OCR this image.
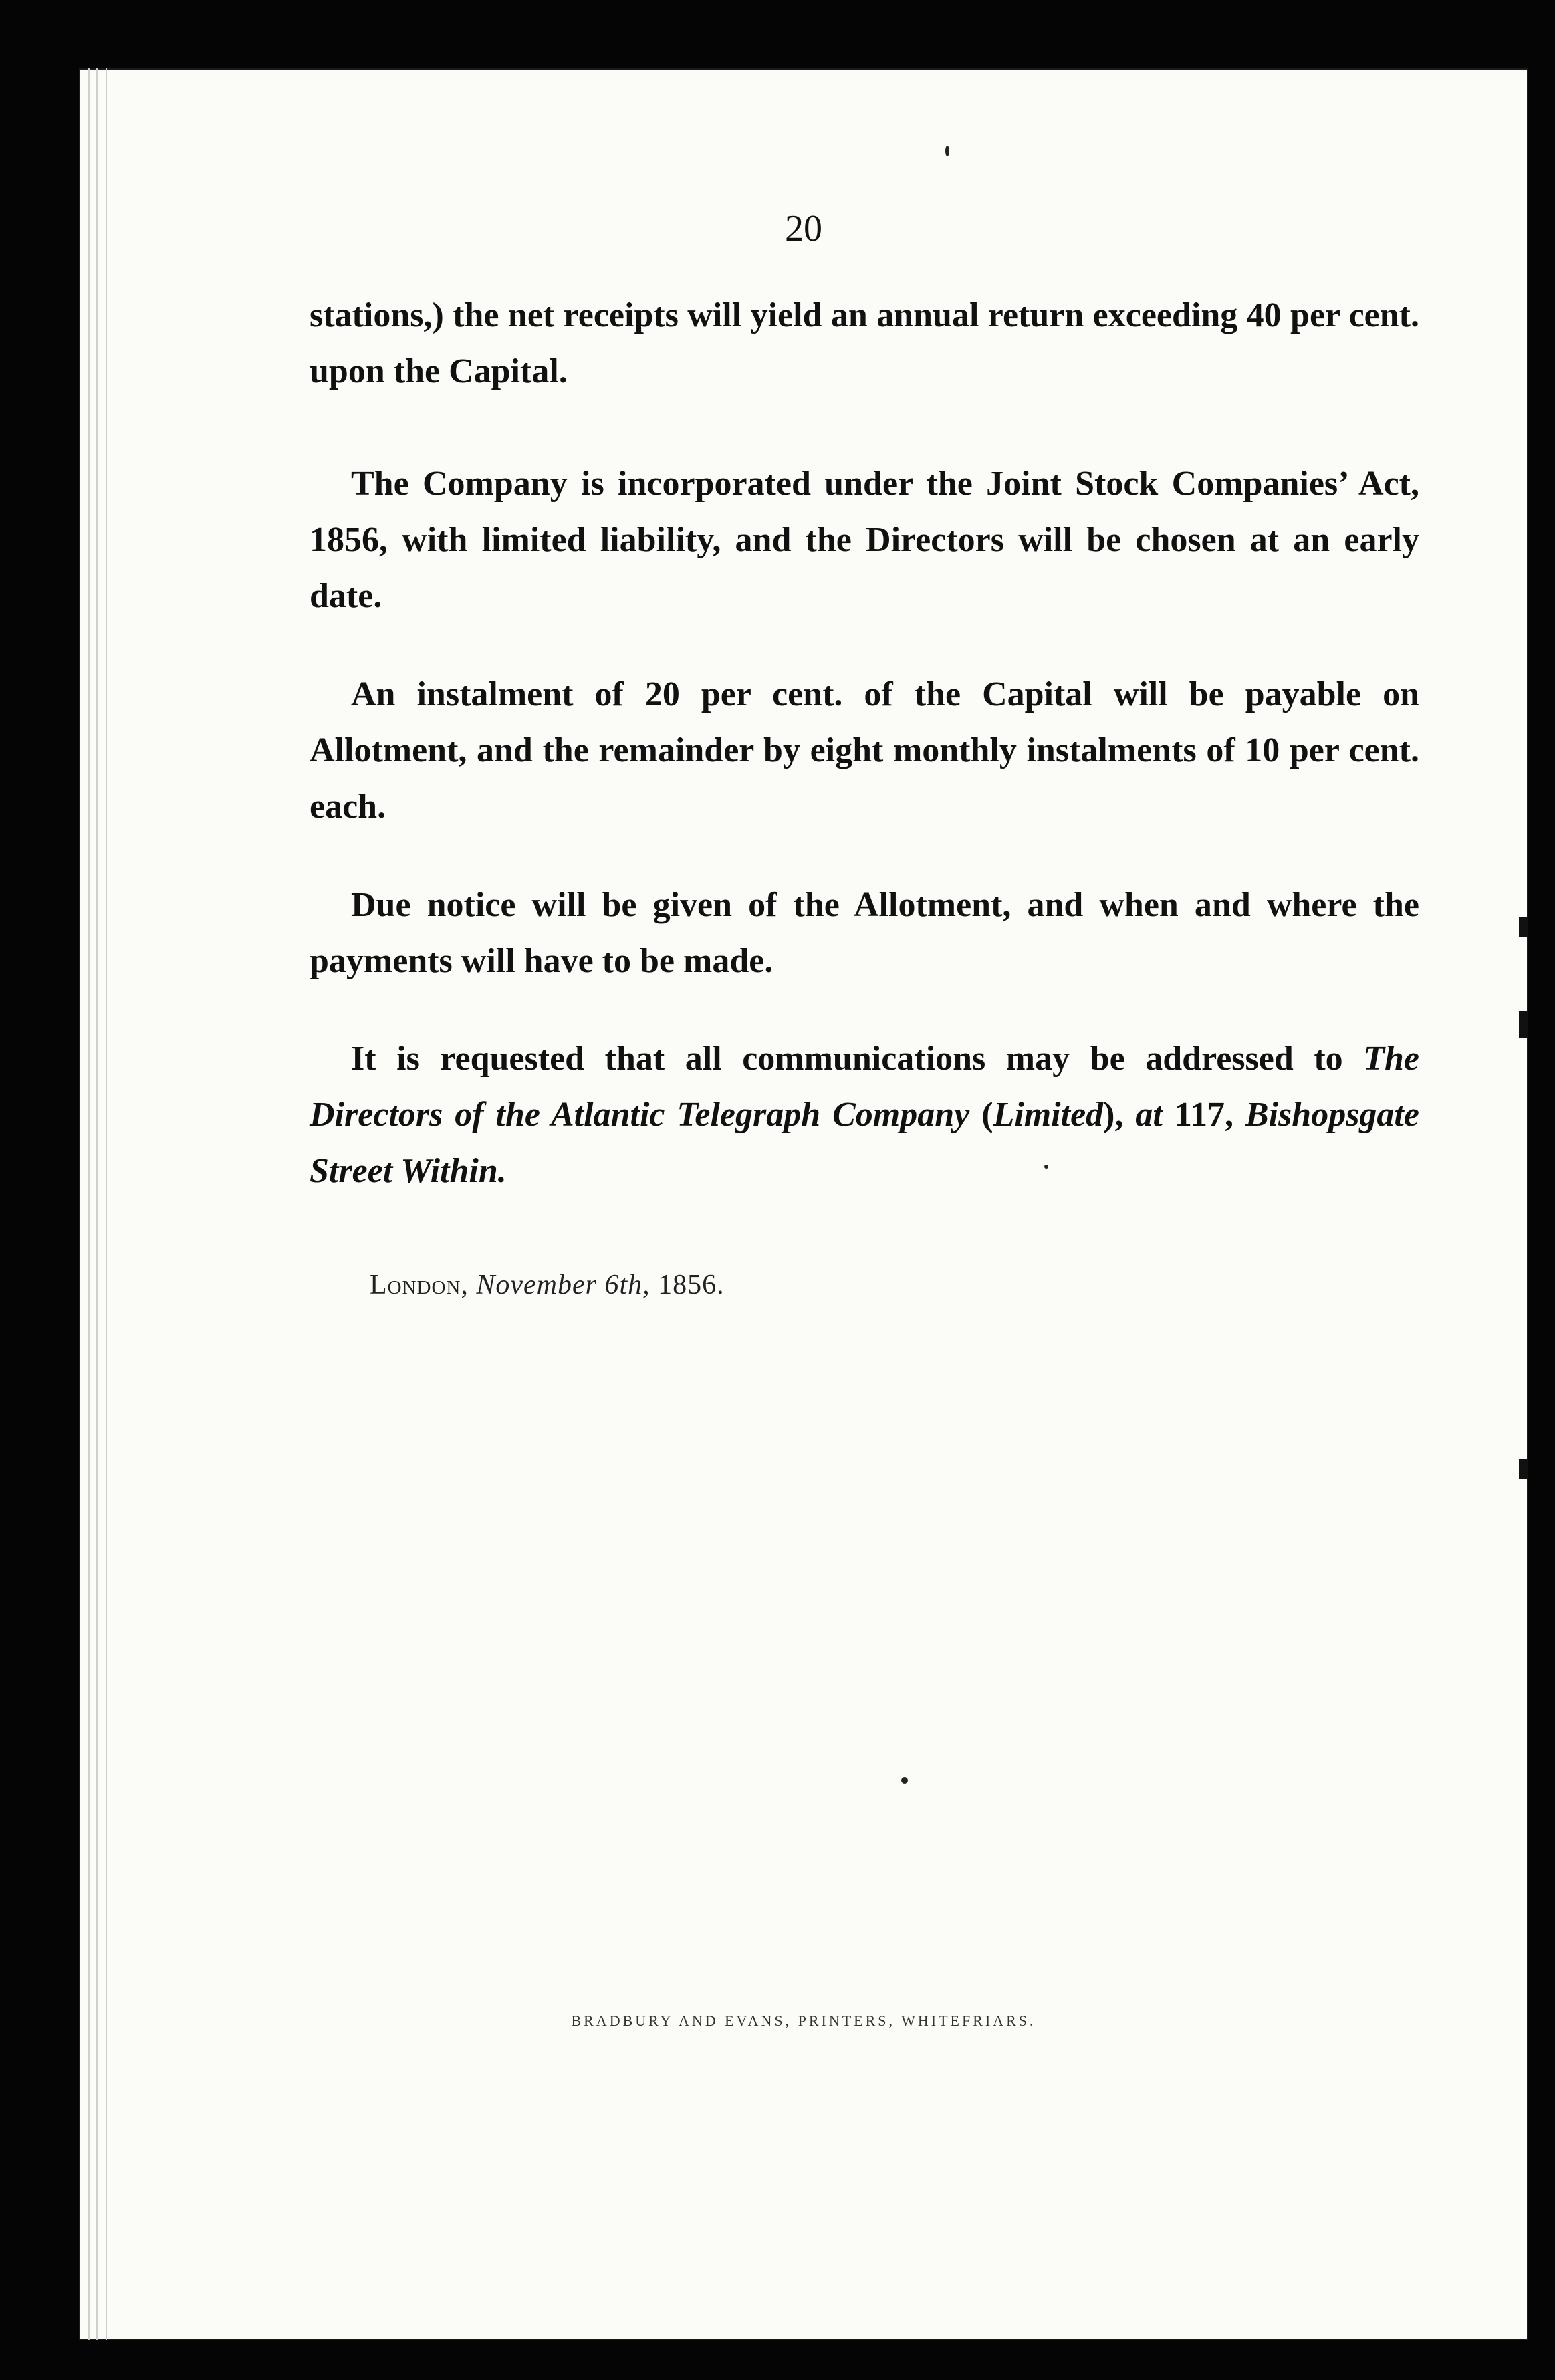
20

stations,) the net receipts will yield an annual return exceeding 40 per cent. upon the Capital.

The Company is incorporated under the Joint Stock Companies’ Act, 1856, with limited liability, and the Directors will be chosen at an early date.

An instalment of 20 per cent. of the Capital will be payable on Allotment, and the remainder by eight monthly instalments of 10 per cent. each.

Due notice will be given of the Allotment, and when and where the payments will have to be made.

It is requested that all communications may be addressed to The Directors of the Atlantic Telegraph Company (Limited), at 117, Bishopsgate Street Within.

London, November 6th, 1856.
BRADBURY AND EVANS, PRINTERS, WHITEFRIARS.
